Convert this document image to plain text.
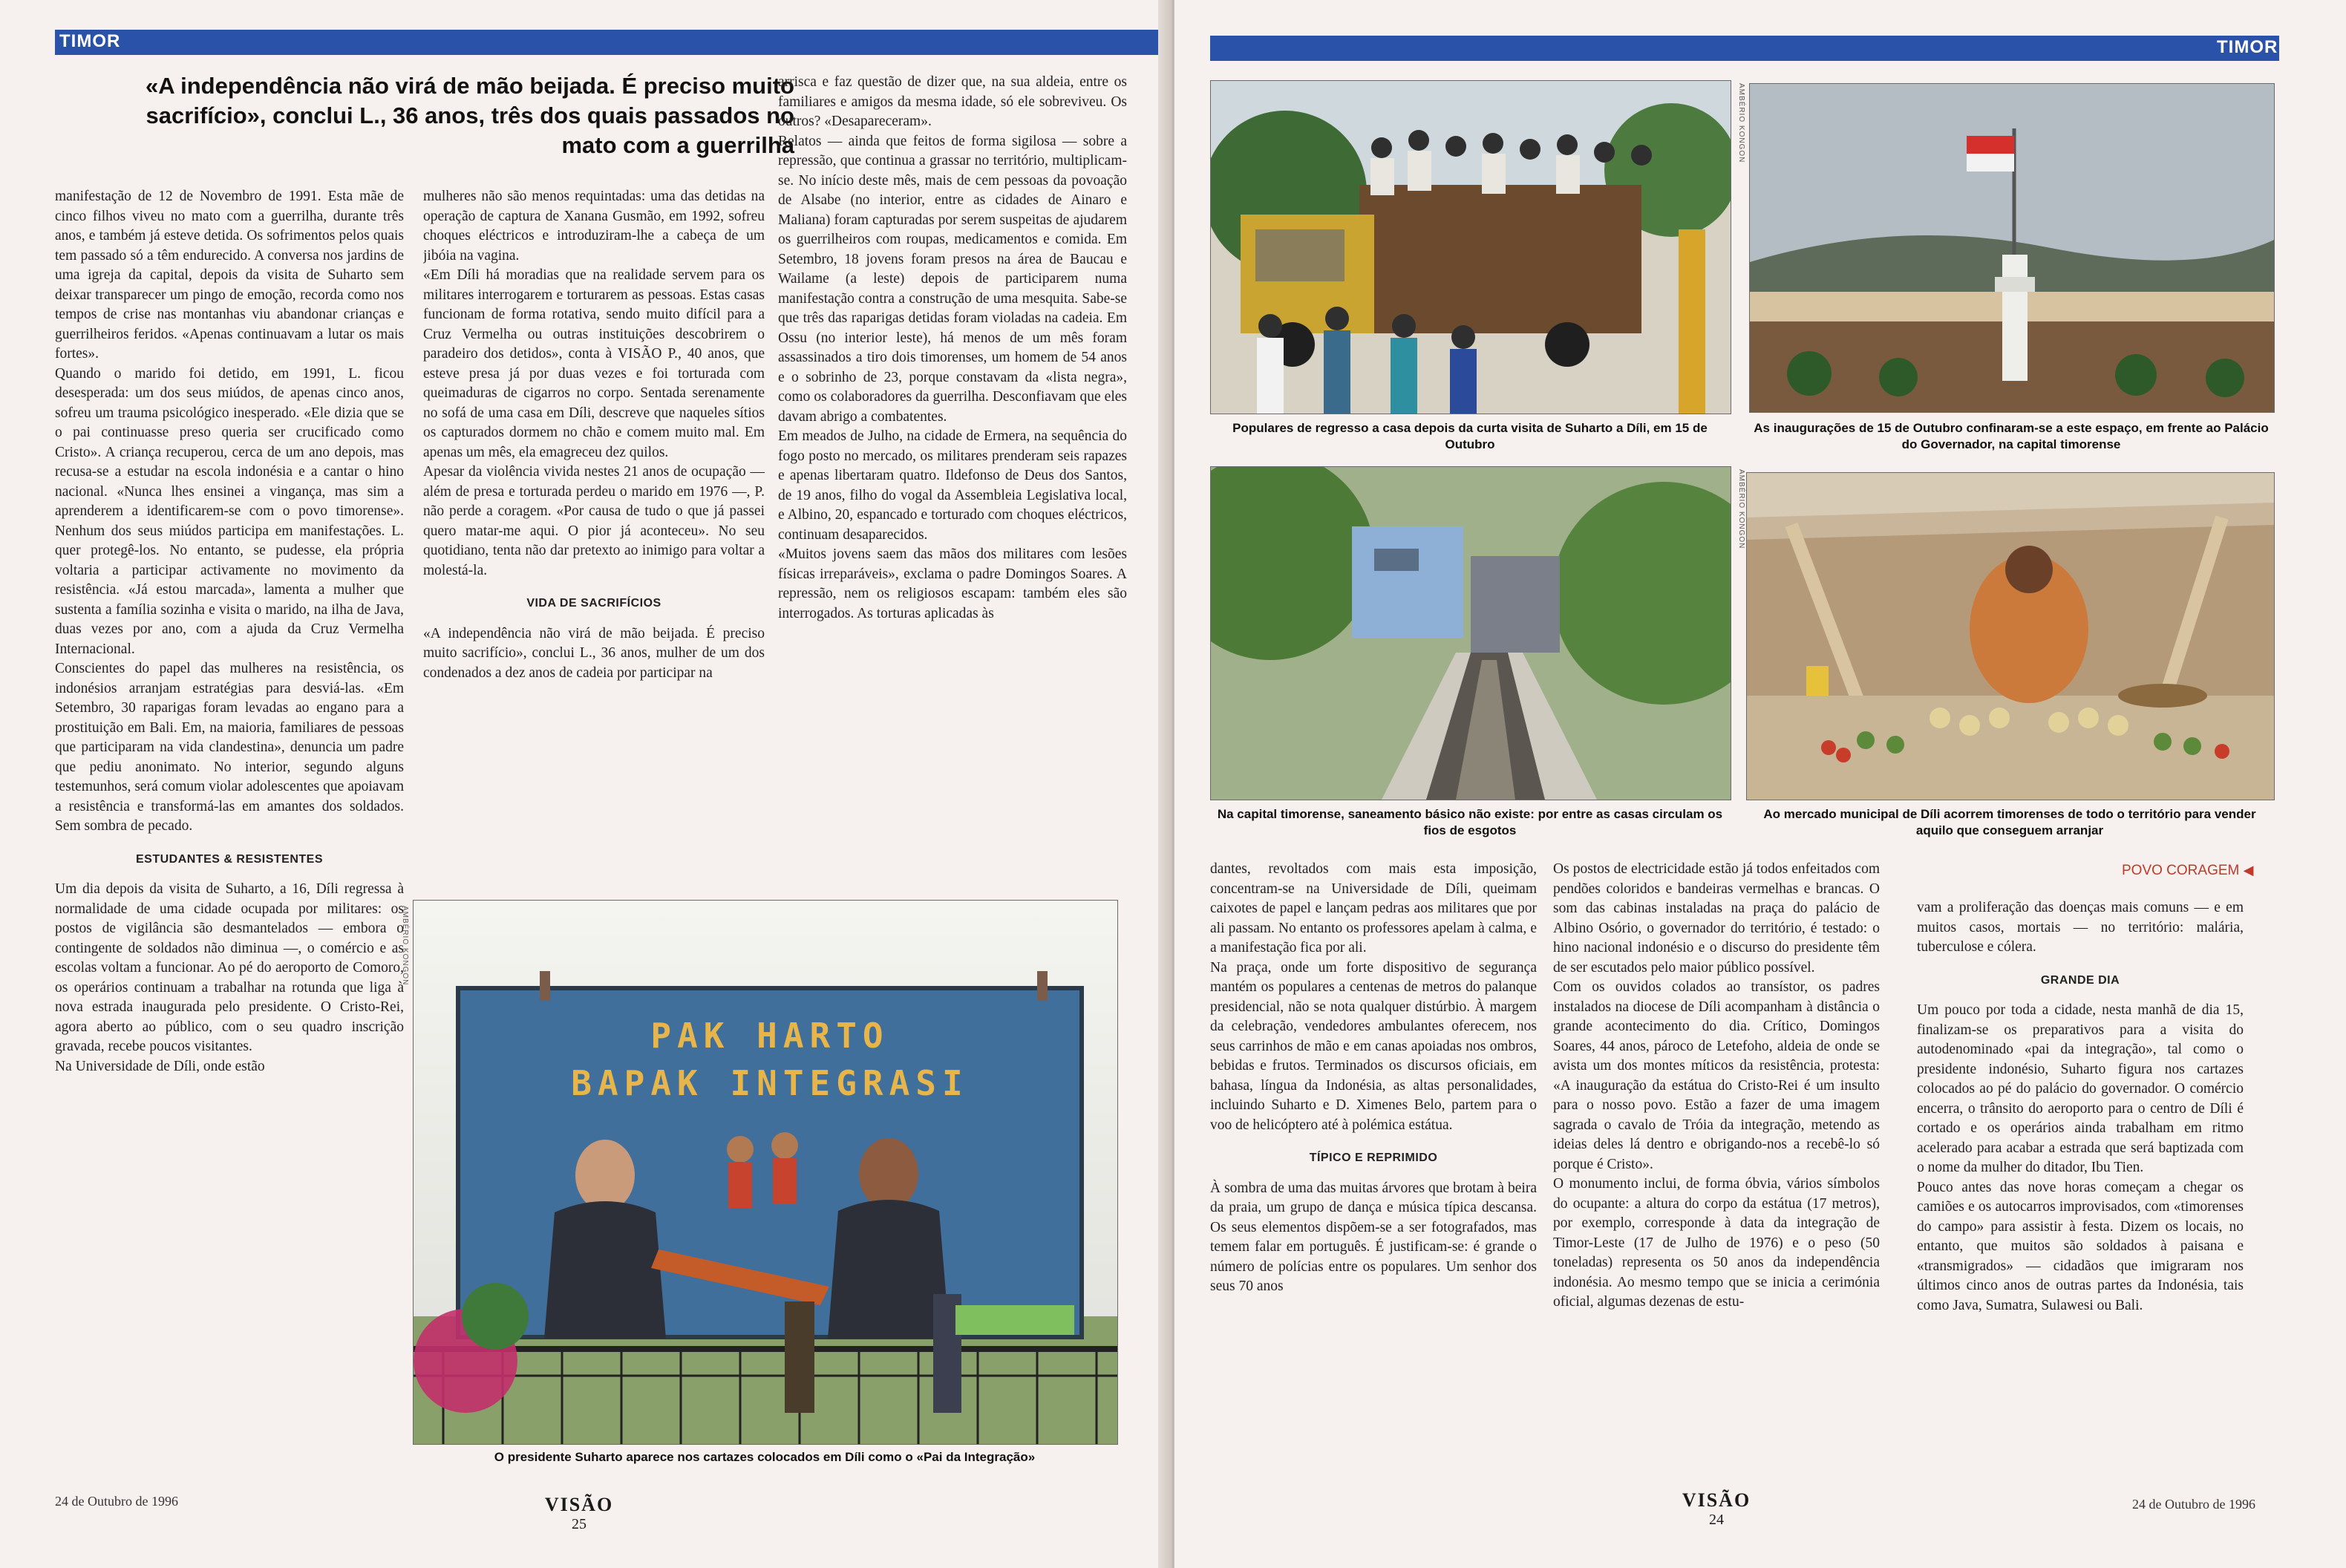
TIMOR
«A independência não virá de mão beijada. É preciso muito sacrifício», conclui L., 36 anos, três dos quais passados no mato com a guerrilha

arrisca e faz questão de dizer que, na sua aldeia, entre os familiares e amigos da mesma idade, só ele sobreviveu. Os outros? «Desapareceram».

Relatos — ainda que feitos de forma sigilosa — sobre a repressão, que continua a grassar no território, multiplicam-se. No início deste mês, mais de cem pessoas da povoação de Alsabe (no interior, entre as cidades de Ainaro e Maliana) foram capturadas por serem suspeitas de ajudarem os guerrilheiros com roupas, medicamentos e comida. Em Setembro, 18 jovens foram presos na área de Baucau e Wailame (a leste) depois de participarem numa manifestação contra a construção de uma mesquita. Sabe-se que três das raparigas detidas foram violadas na cadeia. Em Ossu (no interior leste), há menos de um mês foram assassinados a tiro dois timorenses, um homem de 54 anos e o sobrinho de 23, porque constavam da «lista negra», como os colaboradores da guerrilha. Desconfiavam que eles davam abrigo a combatentes.

Em meados de Julho, na cidade de Ermera, na sequência do fogo posto no mercado, os militares prenderam seis rapazes e apenas libertaram quatro. Ildefonso de Deus dos Santos, de 19 anos, filho do vogal da Assembleia Legislativa local, e Albino, 20, espancado e torturado com choques eléctricos, continuam desaparecidos.

«Muitos jovens saem das mãos dos militares com lesões físicas irreparáveis», exclama o padre Domingos Soares. A repressão, nem os religiosos escapam: também eles são interrogados. As torturas aplicadas às

mulheres não são menos requintadas: uma das detidas na operação de captura de Xanana Gusmão, em 1992, sofreu choques eléctricos e introduziram-lhe a cabeça de um jibóia na vagina.

«Em Díli há moradias que na realidade servem para os militares interrogarem e torturarem as pessoas. Estas casas funcionam de forma rotativa, sendo muito difícil para a Cruz Vermelha ou outras instituições descobrirem o paradeiro dos detidos», conta à VISÃO P., 40 anos, que esteve presa já por duas vezes e foi torturada com queimaduras de cigarros no corpo. Sentada serenamente no sofá de uma casa em Díli, descreve que naqueles sítios os capturados dormem no chão e comem muito mal. Em apenas um mês, ela emagreceu dez quilos.

Apesar da violência vivida nestes 21 anos de ocupação — além de presa e torturada perdeu o marido em 1976 —, P. não perde a coragem. «Por causa de tudo o que já passei quero matar-me aqui. O pior já aconteceu». No seu quotidiano, tenta não dar pretexto ao inimigo para voltar a molestá-la.

VIDA DE SACRIFÍCIOS

«A independência não virá de mão beijada. É preciso muito sacrifício», conclui L., 36 anos, mulher de um dos condenados a dez anos de cadeia por participar na

manifestação de 12 de Novembro de 1991. Esta mãe de cinco filhos viveu no mato com a guerrilha, durante três anos, e também já esteve detida. Os sofrimentos pelos quais tem passado só a têm endurecido. A conversa nos jardins de uma igreja da capital, depois da visita de Suharto sem deixar transparecer um pingo de emoção, recorda como nos tempos de crise nas montanhas viu abandonar crianças e guerrilheiros feridos. «Apenas continuavam a lutar os mais fortes».

Quando o marido foi detido, em 1991, L. ficou desesperada: um dos seus miúdos, de apenas cinco anos, sofreu um trauma psicológico inesperado. «Ele dizia que se o pai continuasse preso queria ser crucificado como Cristo». A criança recuperou, cerca de um ano depois, mas recusa-se a estudar na escola indonésia e a cantar o hino nacional. «Nunca lhes ensinei a vingança, mas sim a aprenderem a identificarem-se com o povo timorense». Nenhum dos seus miúdos participa em manifestações. L. quer protegê-los. No entanto, se pudesse, ela própria voltaria a participar activamente no movimento da resistência. «Já estou marcada», lamenta a mulher que sustenta a família sozinha e visita o marido, na ilha de Java, duas vezes por ano, com a ajuda da Cruz Vermelha Internacional.

Conscientes do papel das mulheres na resistência, os indonésios arranjam estratégias para desviá-las. «Em Setembro, 30 raparigas foram levadas ao engano para a prostituição em Bali. Em, na maioria, familiares de pessoas que participaram na vida clandestina», denuncia um padre que pediu anonimato. No interior, segundo alguns testemunhos, será comum violar adolescentes que apoiavam a resistência e transformá-las em amantes dos soldados. Sem sombra de pecado.

ESTUDANTES & RESISTENTES

Um dia depois da visita de Suharto, a 16, Díli regressa à normalidade de uma cidade ocupada por militares: os postos de vigilância são desmantelados — embora o contingente de soldados não diminua —, o comércio e as escolas voltam a funcionar. Ao pé do aeroporto de Comoro, os operários continuam a trabalhar na rotunda que liga à nova estrada inaugurada pelo presidente. O Cristo-Rei, agora aberto ao público, com o seu quadro inscrição gravada, recebe poucos visitantes.

Na Universidade de Díli, onde estão

PAK HARTO
BAPAK INTEGRASI
AMBÉRIO KONGON
O presidente Suharto aparece nos cartazes colocados em Díli como o «Pai da Integração»
VISÃO
25
24 de Outubro de 1996
TIMOR
AMBÉRIO KONGON
Populares de regresso a casa depois da curta visita de Suharto a Díli, em 15 de Outubro
As inaugurações de 15 de Outubro confinaram-se a este espaço, em frente ao Palácio do Governador, na capital timorense
AMBÉRIO KONGON
Na capital timorense, saneamento básico não existe: por entre as casas circulam os fios de esgotos
Ao mercado municipal de Díli acorrem timorenses de todo o território para vender aquilo que conseguem arranjar

dantes, revoltados com mais esta imposição, concentram-se na Universidade de Díli, queimam caixotes de papel e lançam pedras aos militares que por ali passam. No entanto os professores apelam à calma, e a manifestação fica por ali.

Na praça, onde um forte dispositivo de segurança mantém os populares a centenas de metros do palanque presidencial, não se nota qualquer distúrbio. À margem da celebração, vendedores ambulantes oferecem, nos seus carrinhos de mão e em canas apoiadas nos ombros, bebidas e frutos. Terminados os discursos oficiais, em bahasa, língua da Indonésia, as altas personalidades, incluindo Suharto e D. Ximenes Belo, partem para o voo de helicóptero até à polémica estátua.

TÍPICO E REPRIMIDO

À sombra de uma das muitas árvores que brotam à beira da praia, um grupo de dança e música típica descansa. Os seus elementos dispõem-se a ser fotografados, mas temem falar em português. É justificam-se: é grande o número de polícias entre os populares. Um senhor dos seus 70 anos

Os postos de electricidade estão já todos enfeitados com pendões coloridos e bandeiras vermelhas e brancas. O som das cabinas instaladas na praça do palácio de Albino Osório, o governador do território, é testado: o hino nacional indonésio e o discurso do presidente têm de ser escutados pelo maior público possível.

Com os ouvidos colados ao transístor, os padres instalados na diocese de Díli acompanham à distância o grande acontecimento do dia. Crítico, Domingos Soares, 44 anos, pároco de Letefoho, aldeia de onde se avista um dos montes míticos da resistência, protesta: «A inauguração da estátua do Cristo-Rei é um insulto para o nosso povo. Estão a fazer de uma imagem sagrada o cavalo de Tróia da integração, metendo as ideias deles lá dentro e obrigando-nos a recebê-lo só porque é Cristo».

O monumento inclui, de forma óbvia, vários símbolos do ocupante: a altura do corpo da estátua (17 metros), por exemplo, corresponde à data da integração de Timor-Leste (17 de Julho de 1976) e o peso (50 toneladas) representa os 50 anos da independência indonésia. Ao mesmo tempo que se inicia a cerimónia oficial, algumas dezenas de estu-

POVO CORAGEM ◀

vam a proliferação das doenças mais comuns — e em muitos casos, mortais — no território: malária, tuberculose e cólera.

GRANDE DIA

Um pouco por toda a cidade, nesta manhã de dia 15, finalizam-se os preparativos para a visita do autodenominado «pai da integração», tal como o presidente indonésio, Suharto figura nos cartazes colocados ao pé do palácio do governador. O comércio encerra, o trânsito do aeroporto para o centro de Díli é cortado e os operários ainda trabalham em ritmo acelerado para acabar a estrada que será baptizada com o nome da mulher do ditador, Ibu Tien.

Pouco antes das nove horas começam a chegar os camiões e os autocarros improvisados, com «timorenses do campo» para assistir à festa. Dizem os locais, no entanto, que muitos são soldados à paisana e «transmigrados» — cidadãos que imigraram nos últimos cinco anos de outras partes da Indonésia, tais como Java, Sumatra, Sulawesi ou Bali.

VISÃO
24
24 de Outubro de 1996
